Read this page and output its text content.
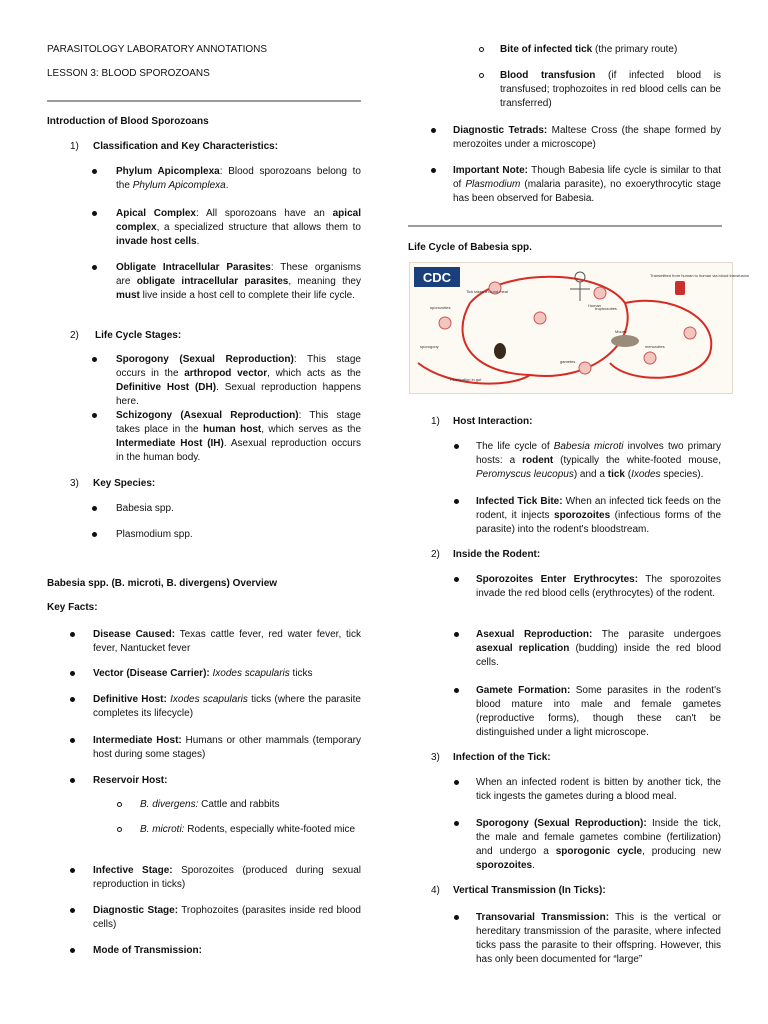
PARASITOLOGY LABORATORY ANNOTATIONS
LESSON 3: BLOOD SPOROZOANS
Introduction of Blood Sporozoans
1) Classification and Key Characteristics:
Phylum Apicomplexa: Blood sporozoans belong to the Phylum Apicomplexa.
Apical Complex: All sporozoans have an apical complex, a specialized structure that allows them to invade host cells.
Obligate Intracellular Parasites: These organisms are obligate intracellular parasites, meaning they must live inside a host cell to complete their life cycle.
2) Life Cycle Stages:
Sporogony (Sexual Reproduction): This stage occurs in the arthropod vector, which acts as the Definitive Host (DH). Sexual reproduction happens here.
Schizogony (Asexual Reproduction): This stage takes place in the human host, which serves as the Intermediate Host (IH). Asexual reproduction occurs in the human body.
3) Key Species:
Babesia spp.
Plasmodium spp.
Babesia spp. (B. microti, B. divergens) Overview
Key Facts:
Disease Caused: Texas cattle fever, red water fever, tick fever, Nantucket fever
Vector (Disease Carrier): Ixodes scapularis ticks
Definitive Host: Ixodes scapularis ticks (where the parasite completes its lifecycle)
Intermediate Host: Humans or other mammals (temporary host during some stages)
Reservoir Host:
B. divergens: Cattle and rabbits
B. microti: Rodents, especially white-footed mice
Infective Stage: Sporozoites (produced during sexual reproduction in ticks)
Diagnostic Stage: Trophozoites (parasites inside red blood cells)
Mode of Transmission:
Bite of infected tick (the primary route)
Blood transfusion (if infected blood is transfused; trophozoites in red blood cells can be transferred)
Diagnostic Tetrads: Maltese Cross (the shape formed by merozoites under a microscope)
Important Note: Though Babesia life cycle is similar to that of Plasmodium (malaria parasite), no exoerythrocytic stage has been observed for Babesia.
Life Cycle of Babesia spp.
CDC
Tick takes a blood meal
sporozoites	trophozoites
Mouse
Human
merozoites
gametes
Fertilization in gut
sporogony
Transmitted from human to human via blood transfusion
1) Host Interaction:
The life cycle of Babesia microti involves two primary hosts: a rodent (typically the white-footed mouse, Peromyscus leucopus) and a tick (Ixodes species).
Infected Tick Bite: When an infected tick feeds on the rodent, it injects sporozoites (infectious forms of the parasite) into the rodent's bloodstream.
2) Inside the Rodent:
Sporozoites Enter Erythrocytes: The sporozoites invade the red blood cells (erythrocytes) of the rodent.
Asexual Reproduction: The parasite undergoes asexual replication (budding) inside the red blood cells.
Gamete Formation: Some parasites in the rodent's blood mature into male and female gametes (reproductive forms), though these can't be distinguished under a light microscope.
3) Infection of the Tick:
When an infected rodent is bitten by another tick, the tick ingests the gametes during a blood meal.
Sporogony (Sexual Reproduction): Inside the tick, the male and female gametes combine (fertilization) and undergo a sporogonic cycle, producing new sporozoites.
4) Vertical Transmission (In Ticks):
Transovarial Transmission: This is the vertical or hereditary transmission of the parasite, where infected ticks pass the parasite to their offspring. However, this has only been documented for “large”
